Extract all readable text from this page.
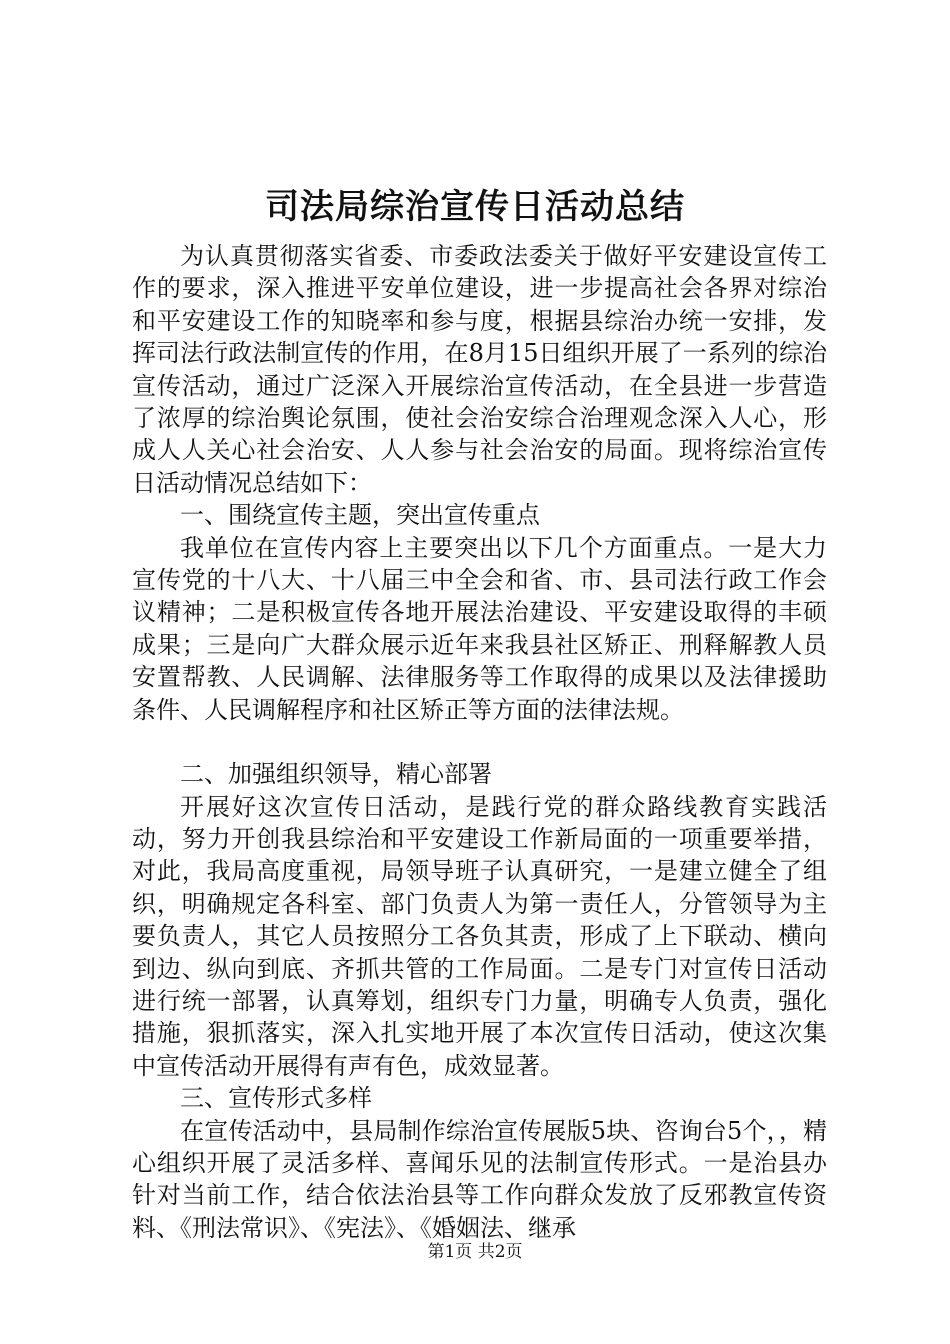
司法局综治宣传日活动总结

为认真贯彻落实省委、市委政法委关于做好平安建设宣传工作的要求，深入推进平安单位建设，进一步提高社会各界对综治和平安建设工作的知晓率和参与度，根据县综治办统一安排，发挥司法行政法制宣传的作用，在8月15日组织开展了一系列的综治宣传活动，通过广泛深入开展综治宣传活动，在全县进一步营造了浓厚的综治舆论氛围，使社会治安综合治理观念深入人心，形成人人关心社会治安、人人参与社会治安的局面。现将综治宣传日活动情况总结如下：

一、围绕宣传主题，突出宣传重点

我单位在宣传内容上主要突出以下几个方面重点。一是大力宣传党的十八大、十八届三中全会和省、市、县司法行政工作会议精神；二是积极宣传各地开展法治建设、平安建设取得的丰硕成果；三是向广大群众展示近年来我县社区矫正、刑释解教人员安置帮教、人民调解、法律服务等工作取得的成果以及法律援助条件、人民调解程序和社区矫正等方面的法律法规。

二、加强组织领导，精心部署

开展好这次宣传日活动，是践行党的群众路线教育实践活动，努力开创我县综治和平安建设工作新局面的一项重要举措，对此，我局高度重视，局领导班子认真研究，一是建立健全了组织，明确规定各科室、部门负责人为第一责任人，分管领导为主要负责人，其它人员按照分工各负其责，形成了上下联动、横向到边、纵向到底、齐抓共管的工作局面。二是专门对宣传日活动进行统一部署，认真筹划，组织专门力量，明确专人负责，强化措施，狠抓落实，深入扎实地开展了本次宣传日活动，使这次集中宣传活动开展得有声有色，成效显著。

三、宣传形式多样

在宣传活动中，县局制作综治宣传展版5块、咨询台5个，，精心组织开展了灵活多样、喜闻乐见的法制宣传形式。一是治县办针对当前工作，结合依法治县等工作向群众发放了反邪教宣传资料、《刑法常识》、《宪法》、《婚姻法、继承

第1页 共2页
